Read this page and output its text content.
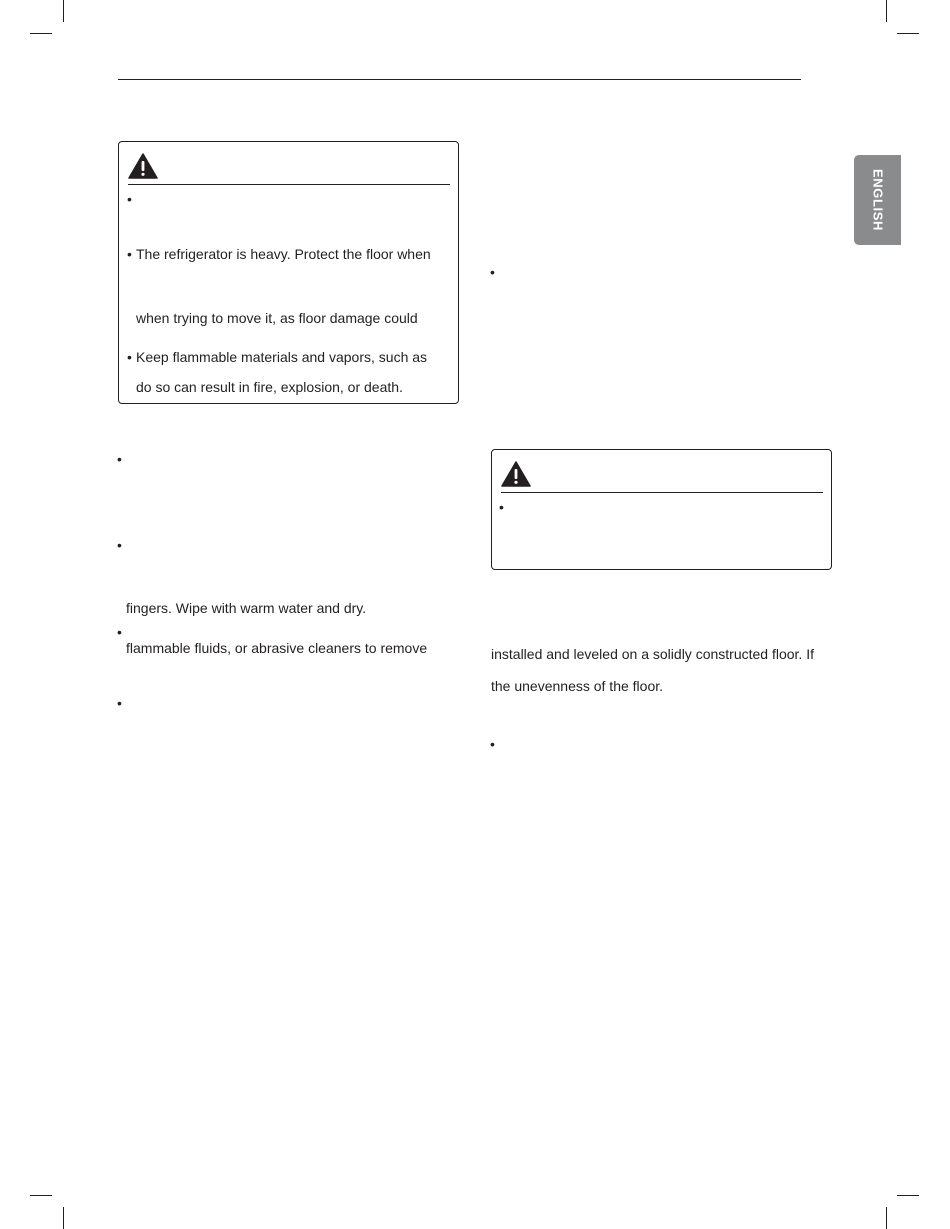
ENGLISH
•
• The refrigerator is heavy. Protect the floor when
when trying to move it, as floor damage could
• Keep flammable materials and vapors, such as
do so can result in fire, explosion, or death.
•
•
fingers. Wipe with warm water and dry.
•
flammable fluids, or abrasive cleaners to remove
•
•
•
installed and leveled on a solidly constructed floor. If
the unevenness of the floor.
•
